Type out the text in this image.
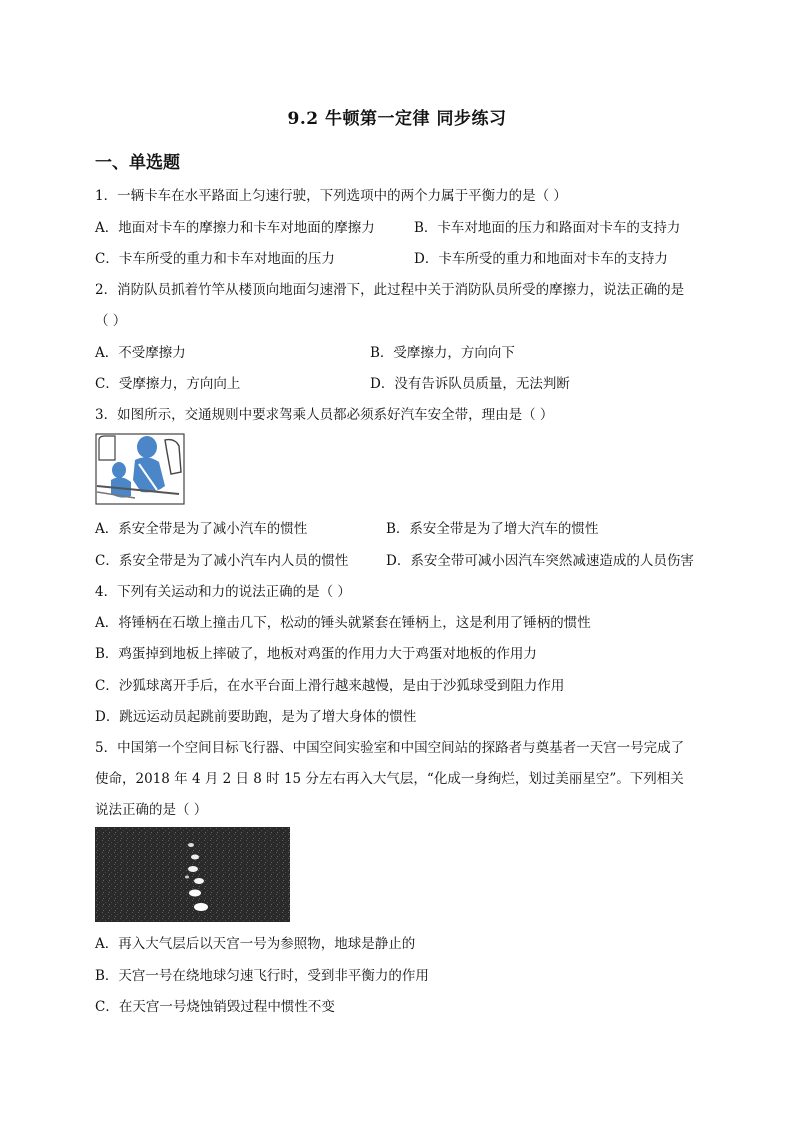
9.2 牛顿第一定律 同步练习
一、单选题
1．一辆卡车在水平路面上匀速行驶，下列选项中的两个力属于平衡力的是（ ）
A．地面对卡车的摩擦力和卡车对地面的摩擦力	B．卡车对地面的压力和路面对卡车的支持力
C．卡车所受的重力和卡车对地面的压力	D．卡车所受的重力和地面对卡车的支持力
2．消防队员抓着竹竿从楼顶向地面匀速滑下，此过程中关于消防队员所受的摩擦力，说法正确的是
（ ）
A．不受摩擦力	B．受摩擦力，方向向下
C．受摩擦力，方向向上	D．没有告诉队员质量，无法判断
3．如图所示，交通规则中要求驾乘人员都必须系好汽车安全带，理由是（ ）
A．系安全带是为了减小汽车的惯性	B．系安全带是为了增大汽车的惯性
C．系安全带是为了减小汽车内人员的惯性	D．系安全带可减小因汽车突然减速造成的人员伤害
4．下列有关运动和力的说法正确的是（ ）
A．将锤柄在石墩上撞击几下，松动的锤头就紧套在锤柄上，这是利用了锤柄的惯性
B．鸡蛋掉到地板上摔破了，地板对鸡蛋的作用力大于鸡蛋对地板的作用力
C．沙狐球离开手后，在水平台面上滑行越来越慢，是由于沙狐球受到阻力作用
D．跳远运动员起跳前要助跑，是为了增大身体的惯性
5．中国第一个空间目标飞行器、中国空间实验室和中国空间站的探路者与奠基者一天宫一号完成了
使命，2018 年 4 月 2 日 8 时 15 分左右再入大气层，“化成一身绚烂，划过美丽星空”。下列相关
说法正确的是（ ）
A．再入大气层后以天宫一号为参照物，地球是静止的
B．天宫一号在绕地球匀速飞行时，受到非平衡力的作用
C．在天宫一号烧蚀销毁过程中惯性不变
